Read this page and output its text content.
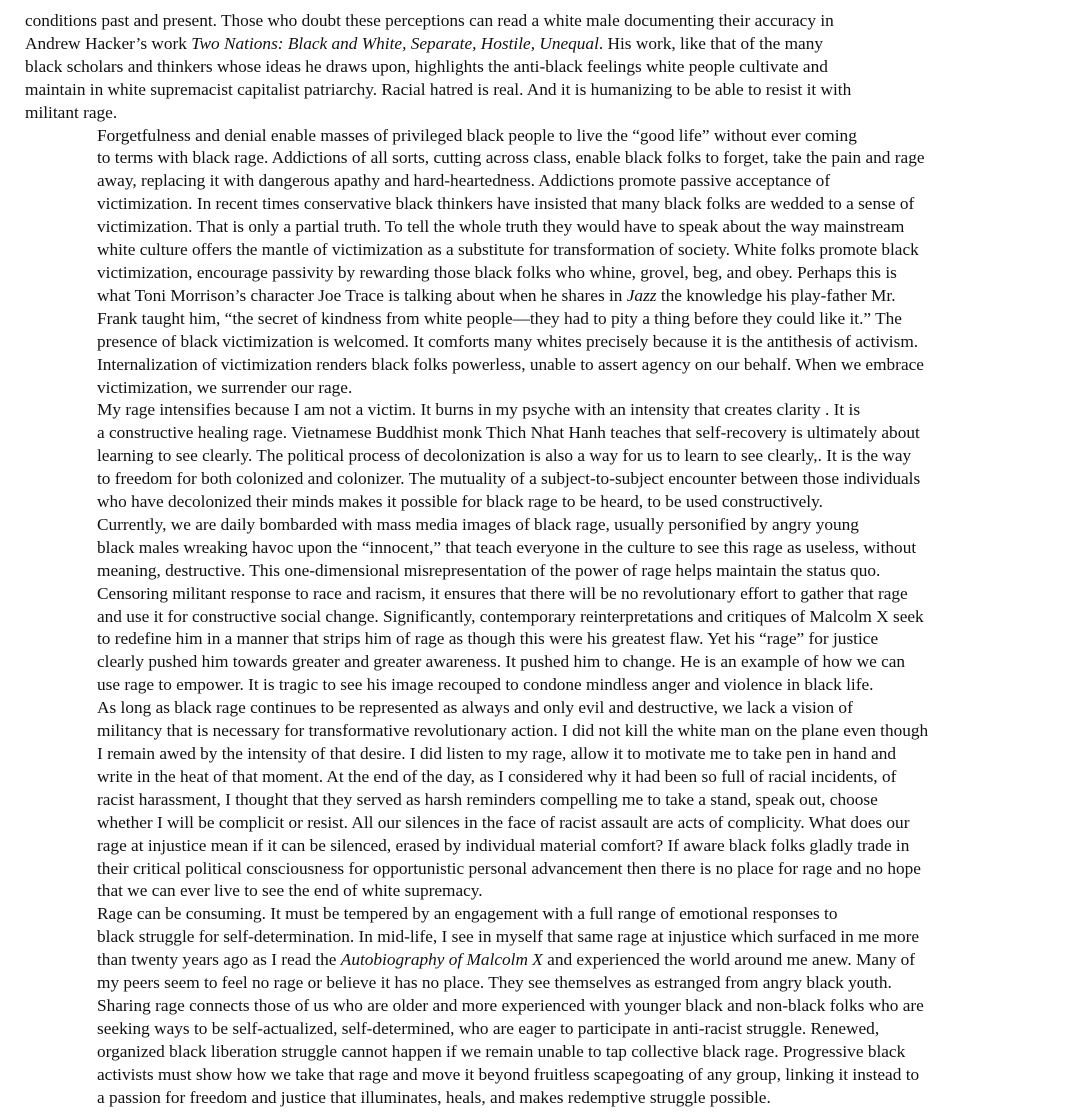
conditions past and present. Those who doubt these perceptions can read a white male documenting their accuracy in
Andrew Hacker’s work Two Nations: Black and White, Separate, Hostile, Unequal. His work, like that of the many
black scholars and thinkers whose ideas he draws upon, highlights the anti-black feelings white people cultivate and
maintain in white supremacist capitalist patriarchy. Racial hatred is real. And it is humanizing to be able to resist it with
militant rage.

Forgetfulness and denial enable masses of privileged black people to live the “good life” without ever coming
to terms with black rage. Addictions of all sorts, cutting across class, enable black folks to forget, take the pain and rage
away, replacing it with dangerous apathy and hard-heartedness. Addictions promote passive acceptance of
victimization. In recent times conservative black thinkers have insisted that many black folks are wedded to a sense of
victimization. That is only a partial truth. To tell the whole truth they would have to speak about the way mainstream
white culture offers the mantle of victimization as a substitute for transformation of society. White folks promote black
victimization, encourage passivity by rewarding those black folks who whine, grovel, beg, and obey. Perhaps this is
what Toni Morrison’s character Joe Trace is talking about when he shares in Jazz the knowledge his play-father Mr.
Frank taught him, “the secret of kindness from white people—they had to pity a thing before they could like it.” The
presence of black victimization is welcomed. It comforts many whites precisely because it is the antithesis of activism.
Internalization of victimization renders black folks powerless, unable to assert agency on our behalf. When we embrace
victimization, we surrender our rage.

My rage intensifies because I am not a victim. It burns in my psyche with an intensity that creates clarity . It is
a constructive healing rage. Vietnamese Buddhist monk Thich Nhat Hanh teaches that self-recovery is ultimately about
learning to see clearly. The political process of decolonization is also a way for us to learn to see clearly,. It is the way
to freedom for both colonized and colonizer. The mutuality of a subject-to-subject encounter between those individuals
who have decolonized their minds makes it possible for black rage to be heard, to be used constructively.

Currently, we are daily bombarded with mass media images of black rage, usually personified by angry young
black males wreaking havoc upon the “innocent,” that teach everyone in the culture to see this rage as useless, without
meaning, destructive. This one-dimensional misrepresentation of the power of rage helps maintain the status quo.
Censoring militant response to race and racism, it ensures that there will be no revolutionary effort to gather that rage
and use it for constructive social change. Significantly, contemporary reinterpretations and critiques of Malcolm X seek
to redefine him in a manner that strips him of rage as though this were his greatest flaw. Yet his “rage” for justice
clearly pushed him towards greater and greater awareness. It pushed him to change. He is an example of how we can
use rage to empower. It is tragic to see his image recouped to condone mindless anger and violence in black life.

As long as black rage continues to be represented as always and only evil and destructive, we lack a vision of
militancy that is necessary for transformative revolutionary action. I did not kill the white man on the plane even though
I remain awed by the intensity of that desire. I did listen to my rage, allow it to motivate me to take pen in hand and
write in the heat of that moment. At the end of the day, as I considered why it had been so full of racial incidents, of
racist harassment, I thought that they served as harsh reminders compelling me to take a stand, speak out, choose
whether I will be complicit or resist. All our silences in the face of racist assault are acts of complicity. What does our
rage at injustice mean if it can be silenced, erased by individual material comfort? If aware black folks gladly trade in
their critical political consciousness for opportunistic personal advancement then there is no place for rage and no hope
that we can ever live to see the end of white supremacy.

Rage can be consuming. It must be tempered by an engagement with a full range of emotional responses to
black struggle for self-determination. In mid-life, I see in myself that same rage at injustice which surfaced in me more
than twenty years ago as I read the Autobiography of Malcolm X and experienced the world around me anew. Many of
my peers seem to feel no rage or believe it has no place. They see themselves as estranged from angry black youth.
Sharing rage connects those of us who are older and more experienced with younger black and non-black folks who are
seeking ways to be self-actualized, self-determined, who are eager to participate in anti-racist struggle. Renewed,
organized black liberation struggle cannot happen if we remain unable to tap collective black rage. Progressive black
activists must show how we take that rage and move it beyond fruitless scapegoating of any group, linking it instead to
a passion for freedom and justice that illuminates, heals, and makes redemptive struggle possible.
